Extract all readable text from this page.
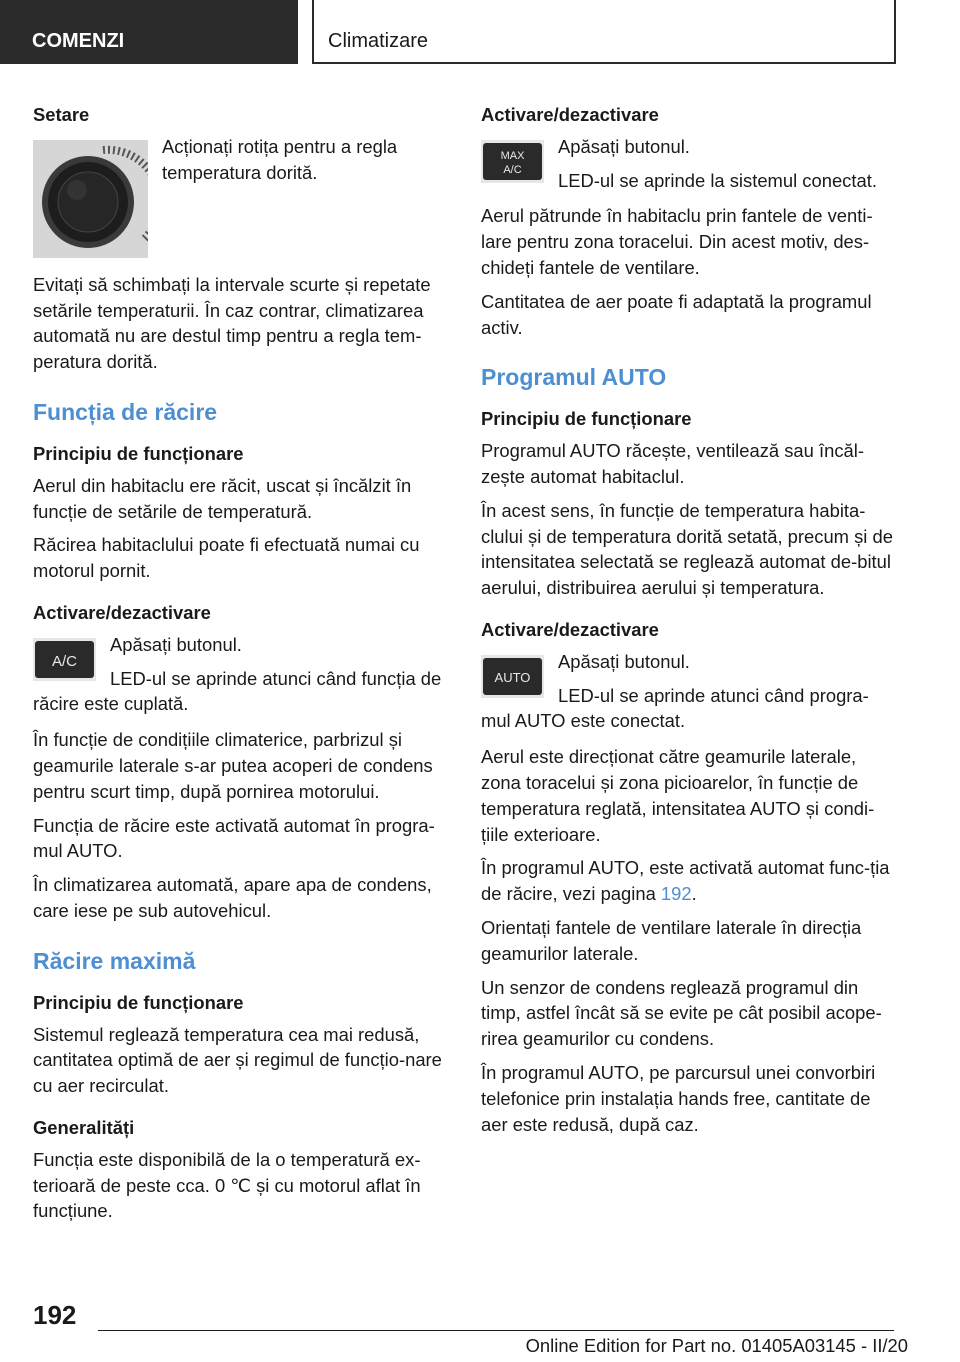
COMENZI	Climatizare
Setare
Acționați rotița pentru a regla temperatura dorită.

Evitați să schimbați la intervale scurte și repetate setările temperaturii. În caz contrar, climatizarea automată nu are destul timp pentru a regla tem-peratura dorită.

Funcția de răcire
Principiu de funcționare

Aerul din habitaclu ere răcit, uscat și încălzit în funcție de setările de temperatură.

Răcirea habitaclului poate fi efectuată numai cu motorul pornit.

Activare/dezactivare
A/C

Apăsați butonul.

LED-ul se aprinde atunci când funcția de răcire este cuplată.

În funcție de condițiile climaterice, parbrizul și geamurile laterale s-ar putea acoperi de condens pentru scurt timp, după pornirea motorului.

Funcția de răcire este activată automat în progra-mul AUTO.

În climatizarea automată, apare apa de condens, care iese pe sub autovehicul.

Răcire maximă
Principiu de funcționare

Sistemul reglează temperatura cea mai redusă, cantitatea optimă de aer și regimul de funcțio-nare cu aer recirculat.

Generalități

Funcția este disponibilă de la o temperatură ex-terioară de peste cca. 0 ℃ și cu motorul aflat în funcțiune.

Activare/dezactivare
MAX
A/C

Apăsați butonul.

LED-ul se aprinde la sistemul conectat.

Aerul pătrunde în habitaclu prin fantele de venti-lare pentru zona toracelui. Din acest motiv, des-chideți fantele de ventilare.

Cantitatea de aer poate fi adaptată la programul activ.

Programul AUTO
Principiu de funcționare

Programul AUTO răcește, ventilează sau încăl-zește automat habitaclul.

În acest sens, în funcție de temperatura habita-clului și de temperatura dorită setată, precum și de intensitatea selectată se reglează automat de-bitul aerului, distribuirea aerului și temperatura.

Activare/dezactivare
AUTO

Apăsați butonul.

LED-ul se aprinde atunci când progra-mul AUTO este conectat.

Aerul este direcționat către geamurile laterale, zona toracelui și zona picioarelor, în funcție de temperatura reglată, intensitatea AUTO și condi-țiile exterioare.

În programul AUTO, este activată automat func-ția de răcire, vezi pagina 192.

Orientați fantele de ventilare laterale în direcția geamurilor laterale.

Un senzor de condens reglează programul din timp, astfel încât să se evite pe cât posibil acope-rirea geamurilor cu condens.

În programul AUTO, pe parcursul unei convorbiri telefonice prin instalația hands free, cantitate de aer este redusă, după caz.

192
Online Edition for Part no. 01405A03145 - II/20
